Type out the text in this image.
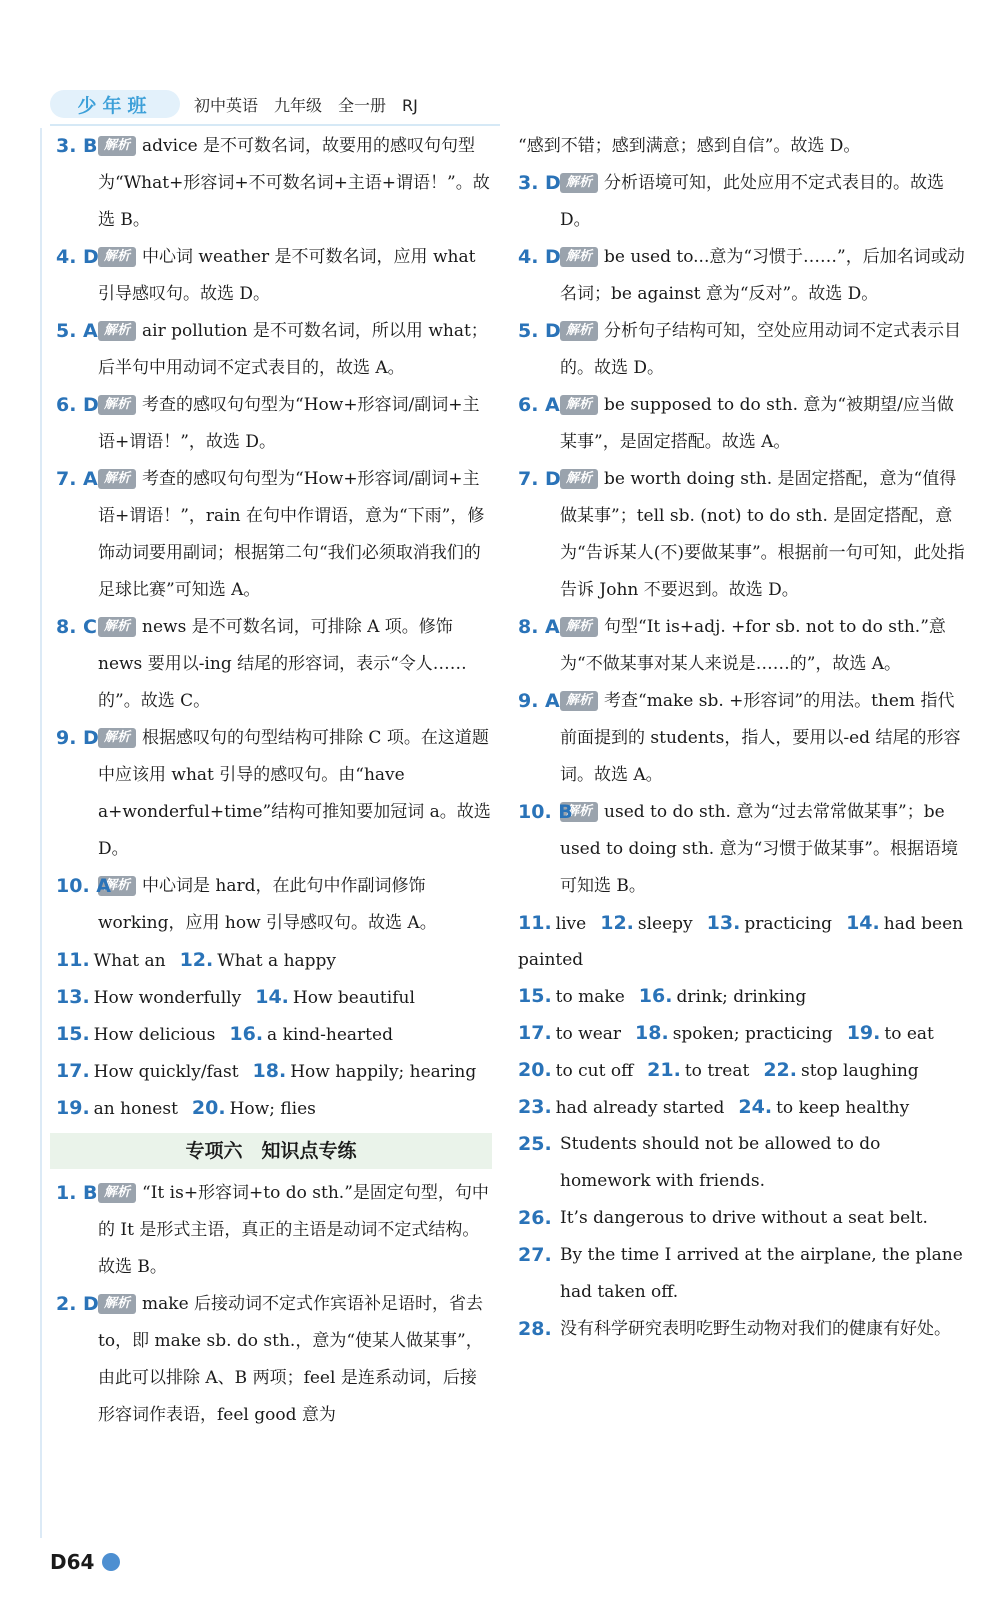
少年班	初中英语　九年级　全一册　RJ
3. B 解析 advice 是不可数名词，故要用的感叹句句型为“What+形容词+不可数名词+主语+谓语！”。故选 B。
4. D 解析 中心词 weather 是不可数名词，应用 what 引导感叹句。故选 D。
5. A 解析 air pollution 是不可数名词，所以用 what；后半句中用动词不定式表目的，故选 A。
6. D 解析 考查的感叹句句型为“How+形容词/副词+主语+谓语！”，故选 D。
7. A 解析 考查的感叹句句型为“How+形容词/副词+主语+谓语！”，rain 在句中作谓语，意为“下雨”，修饰动词要用副词；根据第二句“我们必须取消我们的足球比赛”可知选 A。
8. C 解析 news 是不可数名词，可排除 A 项。修饰 news 要用以-ing 结尾的形容词，表示“令人……的”。故选 C。
9. D 解析 根据感叹句的句型结构可排除 C 项。在这道题中应该用 what 引导的感叹句。由“have a+wonderful+time”结构可推知要加冠词 a。故选 D。
10. A
解析 中心词是 hard，在此句中作副词修饰 working，应用 how 引导感叹句。故选 A。
11. What an 12. What a happy
13. How wonderfully 14. How beautiful
15. How delicious 16. a kind-hearted
17. How quickly/fast 18. How happily; hearing
19. an honest 20. How; flies
专项六　知识点专练
1. B 解析 “It is+形容词+to do sth.”是固定句型，句中的 It 是形式主语，真正的主语是动词不定式结构。故选 B。
2. D 解析 make 后接动词不定式作宾语补足语时，省去 to，即 make sb. do sth.，意为“使某人做某事”，由此可以排除 A、B 两项；feel 是连系动词，后接形容词作表语，feel good 意为
“感到不错；感到满意；感到自信”。故选 D。
3. D 解析 分析语境可知，此处应用不定式表目的。故选 D。
4. D 解析 be used to...意为“习惯于……”，后加名词或动名词；be against 意为“反对”。故选 D。
5. D 解析 分析句子结构可知，空处应用动词不定式表示目的。故选 D。
6. A 解析 be supposed to do sth. 意为“被期望/应当做某事”，是固定搭配。故选 A。
7. D 解析 be worth doing sth. 是固定搭配，意为“值得做某事”；tell sb. (not) to do sth. 是固定搭配，意为“告诉某人(不)要做某事”。根据前一句可知，此处指告诉 John 不要迟到。故选 D。
8. A 解析 句型“It is+adj. +for sb. not to do sth.”意为“不做某事对某人来说是……的”，故选 A。
9. A 解析 考查“make sb. +形容词”的用法。them 指代前面提到的 students，指人，要用以-ed 结尾的形容词。故选 A。
10. B
解析 used to do sth. 意为“过去常常做某事”；be used to doing sth. 意为“习惯于做某事”。根据语境可知选 B。
11. live 12. sleepy 13. practicing 14. had been painted
15. to make 16. drink; drinking
17. to wear 18. spoken; practicing 19. to eat
20. to cut off 21. to treat 22. stop laughing
23. had already started 24. to keep healthy
25. Students should not be allowed to do homework with friends.
26. It’s dangerous to drive without a seat belt.
27. By the time I arrived at the airplane, the plane had taken off.
28. 没有科学研究表明吃野生动物对我们的健康有好处。
D64
